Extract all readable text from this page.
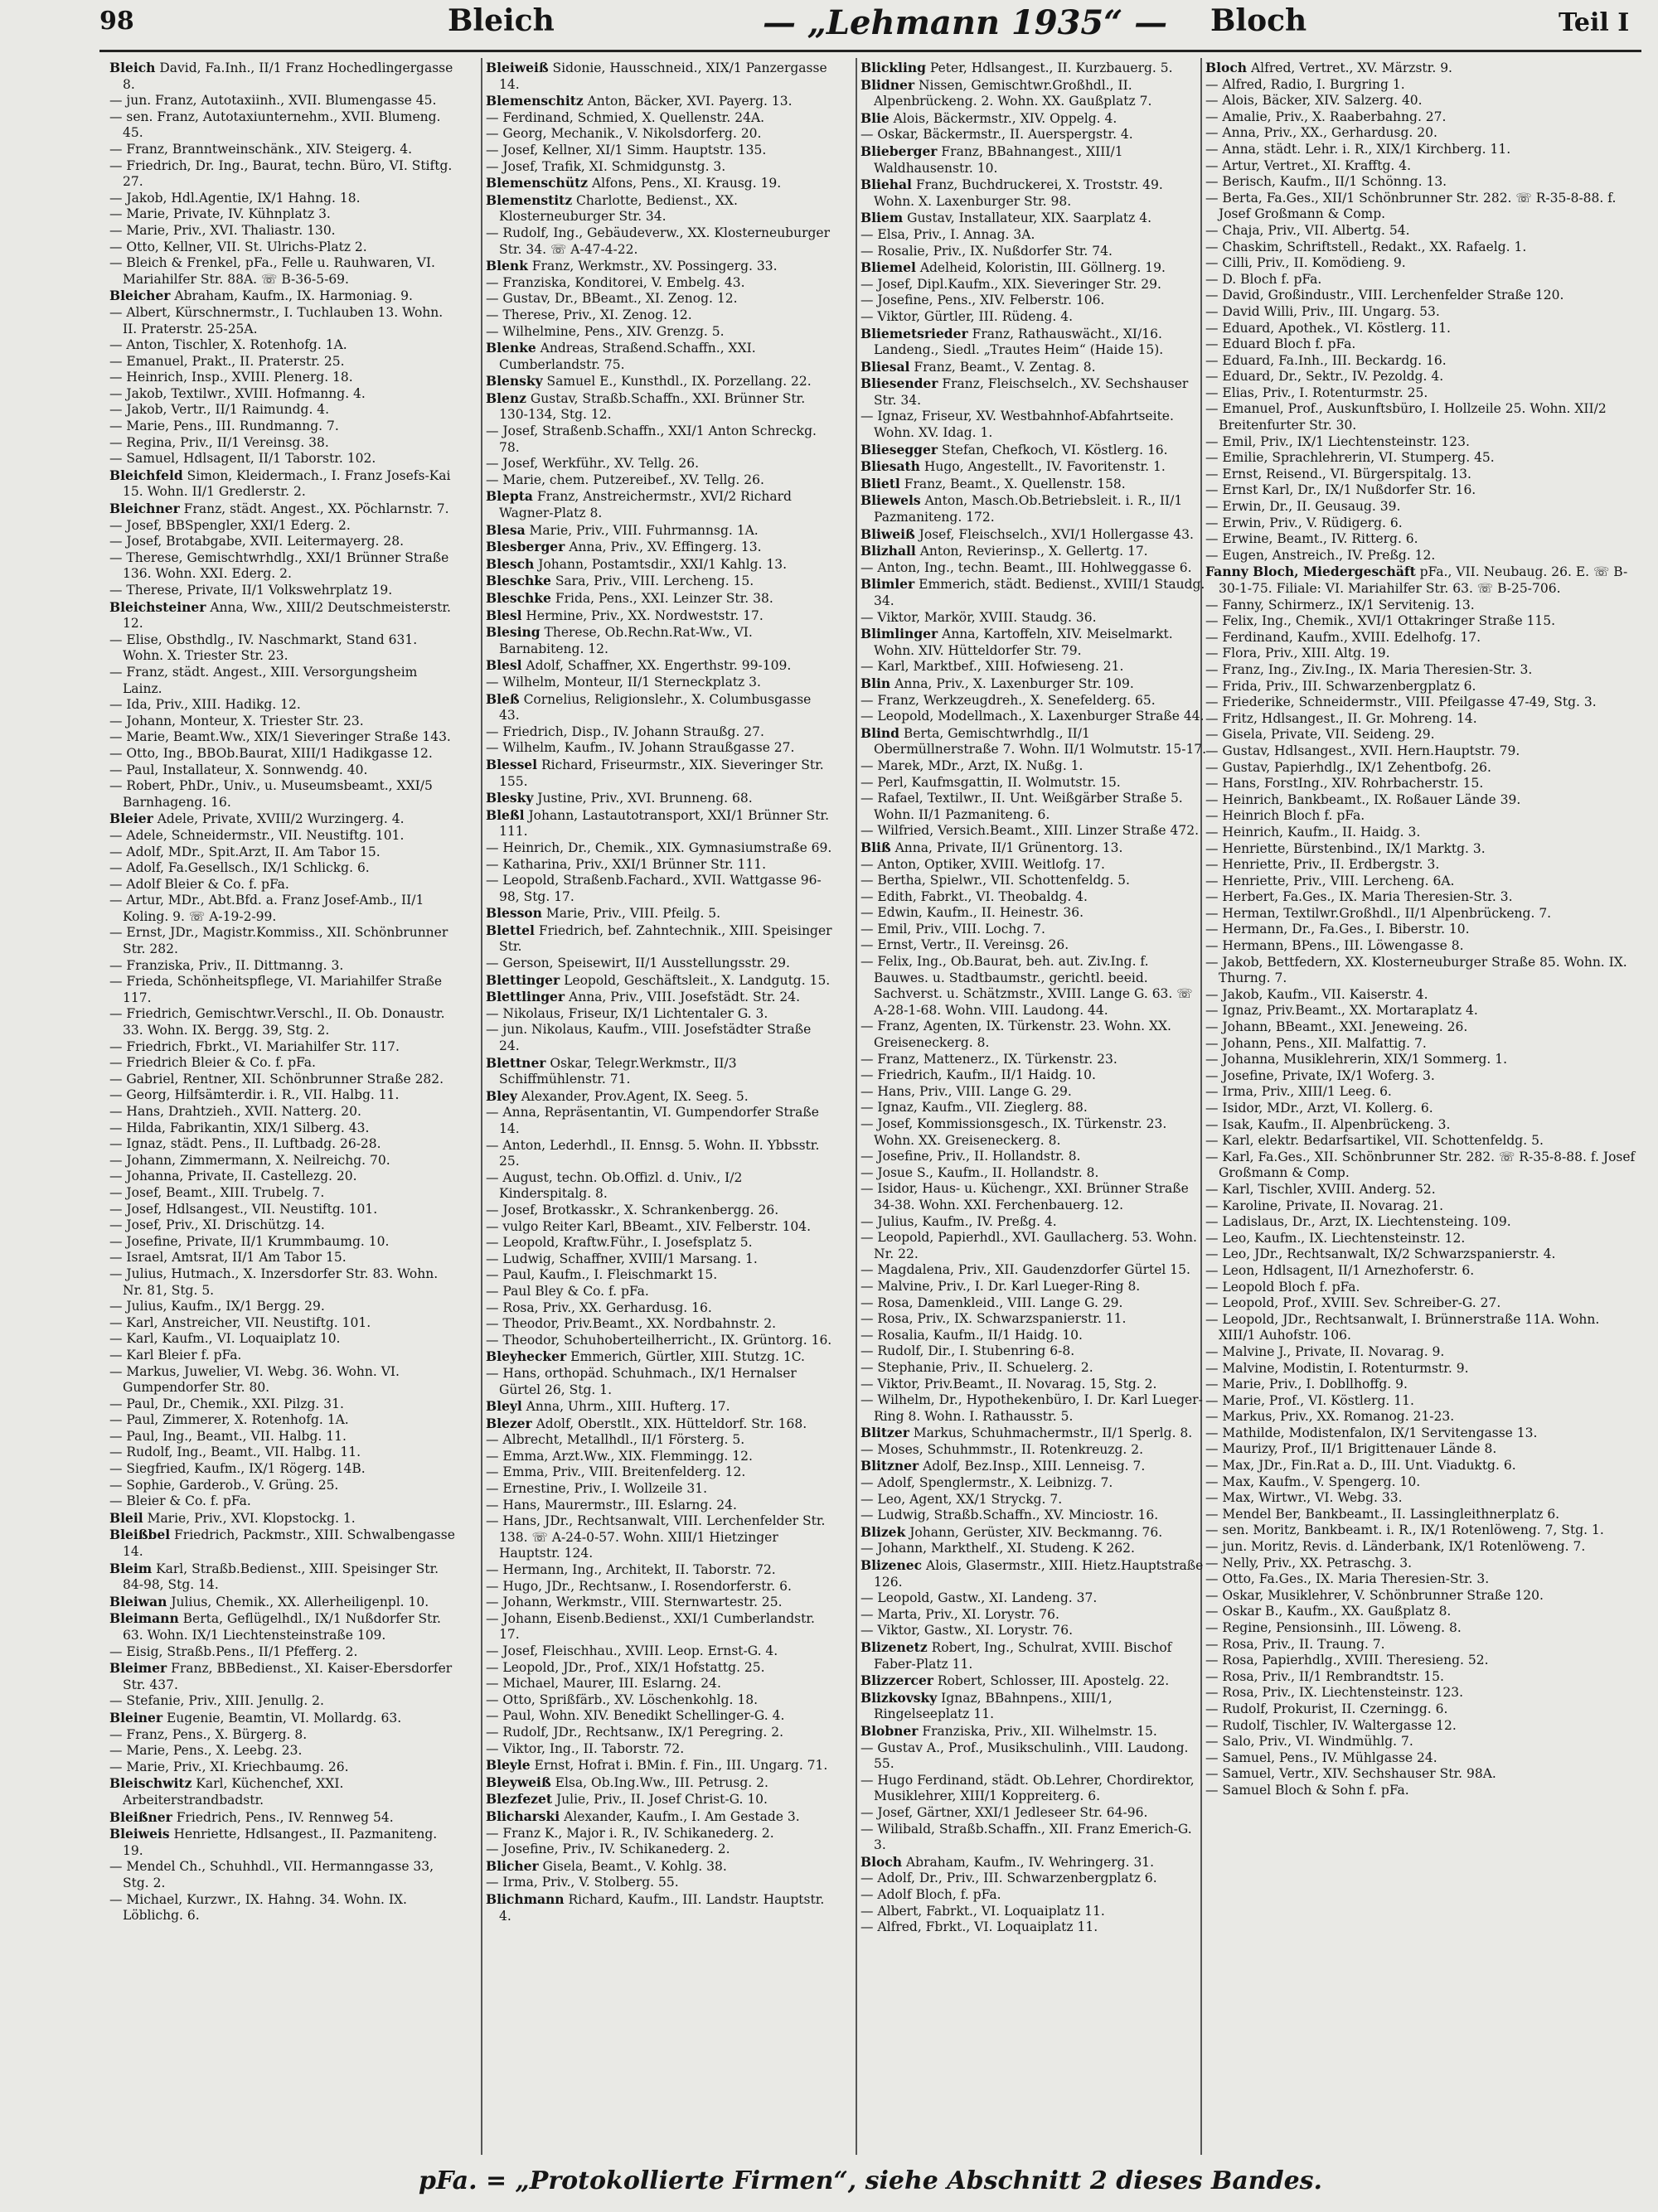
98	Bleich	— „Lehmann 1935“ — Bloch	Teil I

Bleich David, Fa.Inh., II/1 Franz Hochedlingergasse 8.

— jun. Franz, Autotaxiinh., XVII. Blumengasse 45.

— sen. Franz, Autotaxiunternehm., XVII. Blumeng. 45.

— Franz, Branntweinschänk., XIV. Steigerg. 4.

— Friedrich, Dr. Ing., Baurat, techn. Büro, VI. Stiftg. 27.

— Jakob, Hdl.Agentie, IX/1 Hahng. 18.

— Marie, Private, IV. Kühnplatz 3.

— Marie, Priv., XVI. Thaliastr. 130.

— Otto, Kellner, VII. St. Ulrichs-Platz 2.

— Bleich & Frenkel, pFa., Felle u. Rauhwaren, VI. Mariahilfer Str. 88A. ☏ B-36-5-69.

Bleicher Abraham, Kaufm., IX. Harmoniag. 9.

— Albert, Kürschnermstr., I. Tuchlauben 13. Wohn. II. Praterstr. 25-25A.

— Anton, Tischler, X. Rotenhofg. 1A.

— Emanuel, Prakt., II. Praterstr. 25.

— Heinrich, Insp., XVIII. Plenerg. 18.

— Jakob, Textilwr., XVIII. Hofmanng. 4.

— Jakob, Vertr., II/1 Raimundg. 4.

— Marie, Pens., III. Rundmanng. 7.

— Regina, Priv., II/1 Vereinsg. 38.

— Samuel, Hdlsagent, II/1 Taborstr. 102.

Bleichfeld Simon, Kleidermach., I. Franz Josefs-Kai 15. Wohn. II/1 Gredlerstr. 2.

Bleichner Franz, städt. Angest., XX. Pöchlarnstr. 7.

— Josef, BBSpengler, XXI/1 Ederg. 2.

— Josef, Brotabgabe, XVII. Leitermayerg. 28.

— Therese, Gemischtwrhdlg., XXI/1 Brünner Straße 136. Wohn. XXI. Ederg. 2.

— Therese, Private, II/1 Volkswehrplatz 19.

Bleichsteiner Anna, Ww., XIII/2 Deutschmeisterstr. 12.

— Elise, Obsthdlg., IV. Naschmarkt, Stand 631. Wohn. X. Triester Str. 23.

— Franz, städt. Angest., XIII. Versorgungsheim Lainz.

— Ida, Priv., XIII. Hadikg. 12.

— Johann, Monteur, X. Triester Str. 23.

— Marie, Beamt.Ww., XIX/1 Sieveringer Straße 143.

— Otto, Ing., BBOb.Baurat, XIII/1 Hadikgasse 12.

— Paul, Installateur, X. Sonnwendg. 40.

— Robert, PhDr., Univ., u. Museumsbeamt., XXI/5 Barnhageng. 16.

Bleier Adele, Private, XVIII/2 Wurzingerg. 4.

— Adele, Schneidermstr., VII. Neustiftg. 101.

— Adolf, MDr., Spit.Arzt, II. Am Tabor 15.

— Adolf, Fa.Gesellsch., IX/1 Schlickg. 6.

— Adolf Bleier & Co. f. pFa.

— Artur, MDr., Abt.Bfd. a. Franz Josef-Amb., II/1 Koling. 9. ☏ A-19-2-99.

— Ernst, JDr., Magistr.Kommiss., XII. Schönbrunner Str. 282.

— Franziska, Priv., II. Dittmanng. 3.

— Frieda, Schönheitspflege, VI. Mariahilfer Straße 117.

— Friedrich, Gemischtwr.Verschl., II. Ob. Donaustr. 33. Wohn. IX. Bergg. 39, Stg. 2.

— Friedrich, Fbrkt., VI. Mariahilfer Str. 117.

— Friedrich Bleier & Co. f. pFa.

— Gabriel, Rentner, XII. Schönbrunner Straße 282.

— Georg, Hilfsämterdir. i. R., VII. Halbg. 11.

— Hans, Drahtzieh., XVII. Natterg. 20.

— Hilda, Fabrikantin, XIX/1 Silberg. 43.

— Ignaz, städt. Pens., II. Luftbadg. 26-28.

— Johann, Zimmermann, X. Neilreichg. 70.

— Johanna, Private, II. Castellezg. 20.

— Josef, Beamt., XIII. Trubelg. 7.

— Josef, Hdlsangest., VII. Neustiftg. 101.

— Josef, Priv., XI. Drischützg. 14.

— Josefine, Private, II/1 Krummbaumg. 10.

— Israel, Amtsrat, II/1 Am Tabor 15.

— Julius, Hutmach., X. Inzersdorfer Str. 83. Wohn. Nr. 81, Stg. 5.

— Julius, Kaufm., IX/1 Bergg. 29.

— Karl, Anstreicher, VII. Neustiftg. 101.

— Karl, Kaufm., VI. Loquaiplatz 10.

— Karl Bleier f. pFa.

— Markus, Juwelier, VI. Webg. 36. Wohn. VI. Gumpendorfer Str. 80.

— Paul, Dr., Chemik., XXI. Pilzg. 31.

— Paul, Zimmerer, X. Rotenhofg. 1A.

— Paul, Ing., Beamt., VII. Halbg. 11.

— Rudolf, Ing., Beamt., VII. Halbg. 11.

— Siegfried, Kaufm., IX/1 Rögerg. 14B.

— Sophie, Garderob., V. Grüng. 25.

— Bleier & Co. f. pFa.

Bleil Marie, Priv., XVI. Klopstockg. 1.

Bleißbel Friedrich, Packmstr., XIII. Schwalbengasse 14.

Bleim Karl, Straßb.Bedienst., XIII. Speisinger Str. 84-98, Stg. 14.

Bleiwan Julius, Chemik., XX. Allerheiligenpl. 10.

Bleimann Berta, Geflügelhdl., IX/1 Nußdorfer Str. 63. Wohn. IX/1 Liechtensteinstraße 109.

— Eisig, Straßb.Pens., II/1 Pfefferg. 2.

Bleimer Franz, BBBedienst., XI. Kaiser-Ebersdorfer Str. 437.

— Stefanie, Priv., XIII. Jenullg. 2.

Bleiner Eugenie, Beamtin, VI. Mollardg. 63.

— Franz, Pens., X. Bürgerg. 8.

— Marie, Pens., X. Leebg. 23.

— Marie, Priv., XI. Kriechbaumg. 26.

Bleischwitz Karl, Küchenchef, XXI. Arbeiterstrandbadstr.

Bleißner Friedrich, Pens., IV. Rennweg 54.

Bleiweis Henriette, Hdlsangest., II. Pazmaniteng. 19.

— Mendel Ch., Schuhhdl., VII. Hermanngasse 33, Stg. 2.

— Michael, Kurzwr., IX. Hahng. 34. Wohn. IX. Löblichg. 6.

Bleiweiß Sidonie, Hausschneid., XIX/1 Panzergasse 14.

Blemenschitz Anton, Bäcker, XVI. Payerg. 13.

— Ferdinand, Schmied, X. Quellenstr. 24A.

— Georg, Mechanik., V. Nikolsdorferg. 20.

— Josef, Kellner, XI/1 Simm. Hauptstr. 135.

— Josef, Trafik, XI. Schmidgunstg. 3.

Blemenschütz Alfons, Pens., XI. Krausg. 19.

Blemenstitz Charlotte, Bedienst., XX. Klosterneuburger Str. 34.

— Rudolf, Ing., Gebäudeverw., XX. Klosterneuburger Str. 34. ☏ A-47-4-22.

Blenk Franz, Werkmstr., XV. Possingerg. 33.

— Franziska, Konditorei, V. Embelg. 43.

— Gustav, Dr., BBeamt., XI. Zenog. 12.

— Therese, Priv., XI. Zenog. 12.

— Wilhelmine, Pens., XIV. Grenzg. 5.

Blenke Andreas, Straßend.Schaffn., XXI. Cumberlandstr. 75.

Blensky Samuel E., Kunsthdl., IX. Porzellang. 22.

Blenz Gustav, Straßb.Schaffn., XXI. Brünner Str. 130-134, Stg. 12.

— Josef, Straßenb.Schaffn., XXI/1 Anton Schreckg. 78.

— Josef, Werkführ., XV. Tellg. 26.

— Marie, chem. Putzereibef., XV. Tellg. 26.

Blepta Franz, Anstreichermstr., XVI/2 Richard Wagner-Platz 8.

Blesa Marie, Priv., VIII. Fuhrmannsg. 1A.

Blesberger Anna, Priv., XV. Effingerg. 13.

Blesch Johann, Postamtsdir., XXI/1 Kahlg. 13.

Bleschke Sara, Priv., VIII. Lercheng. 15.

Bleschke Frida, Pens., XXI. Leinzer Str. 38.

Blesl Hermine, Priv., XX. Nordweststr. 17.

Blesing Therese, Ob.Rechn.Rat-Ww., VI. Barnabiteng. 12.

Blesl Adolf, Schaffner, XX. Engerthstr. 99-109.

— Wilhelm, Monteur, II/1 Sterneckplatz 3.

Bleß Cornelius, Religionslehr., X. Columbusgasse 43.

— Friedrich, Disp., IV. Johann Straußg. 27.

— Wilhelm, Kaufm., IV. Johann Straußgasse 27.

Blessel Richard, Friseurmstr., XIX. Sieveringer Str. 155.

Blesky Justine, Priv., XVI. Brunneng. 68.

Bleßl Johann, Lastautotransport, XXI/1 Brünner Str. 111.

— Heinrich, Dr., Chemik., XIX. Gymnasiumstraße 69.

— Katharina, Priv., XXI/1 Brünner Str. 111.

— Leopold, Straßenb.Fachard., XVII. Wattgasse 96-98, Stg. 17.

Blesson Marie, Priv., VIII. Pfeilg. 5.

Blettel Friedrich, bef. Zahntechnik., XIII. Speisinger Str.

— Gerson, Speisewirt, II/1 Ausstellungsstr. 29.

Blettinger Leopold, Geschäftsleit., X. Landgutg. 15.

Blettlinger Anna, Priv., VIII. Josefstädt. Str. 24.

— Nikolaus, Friseur, IX/1 Lichtentaler G. 3.

— jun. Nikolaus, Kaufm., VIII. Josefstädter Straße 24.

Blettner Oskar, Telegr.Werkmstr., II/3 Schiffmühlenstr. 71.

Bley Alexander, Prov.Agent, IX. Seeg. 5.

— Anna, Repräsentantin, VI. Gumpendorfer Straße 14.

— Anton, Lederhdl., II. Ennsg. 5. Wohn. II. Ybbsstr. 25.

— August, techn. Ob.Offizl. d. Univ., I/2 Kinderspitalg. 8.

— Josef, Brotkasskr., X. Schrankenbergg. 26.

— vulgo Reiter Karl, BBeamt., XIV. Felberstr. 104.

— Leopold, Kraftw.Führ., I. Josefsplatz 5.

— Ludwig, Schaffner, XVIII/1 Marsang. 1.

— Paul, Kaufm., I. Fleischmarkt 15.

— Paul Bley & Co. f. pFa.

— Rosa, Priv., XX. Gerhardusg. 16.

— Theodor, Priv.Beamt., XX. Nordbahnstr. 2.

— Theodor, Schuhoberteilherricht., IX. Grüntorg. 16.

Bleyhecker Emmerich, Gürtler, XIII. Stutzg. 1C.

— Hans, orthopäd. Schuhmach., IX/1 Hernalser Gürtel 26, Stg. 1.

Bleyl Anna, Uhrm., XIII. Hufterg. 17.

Blezer Adolf, Oberstlt., XIX. Hütteldorf. Str. 168.

— Albrecht, Metallhdl., II/1 Försterg. 5.

— Emma, Arzt.Ww., XIX. Flemmingg. 12.

— Emma, Priv., VIII. Breitenfelderg. 12.

— Ernestine, Priv., I. Wollzeile 31.

— Hans, Maurermstr., III. Eslarng. 24.

— Hans, JDr., Rechtsanwalt, VIII. Lerchenfelder Str. 138. ☏ A-24-0-57. Wohn. XIII/1 Hietzinger Hauptstr. 124.

— Hermann, Ing., Architekt, II. Taborstr. 72.

— Hugo, JDr., Rechtsanw., I. Rosendorferstr. 6.

— Johann, Werkmstr., VIII. Sternwartestr. 25.

— Johann, Eisenb.Bedienst., XXI/1 Cumberlandstr. 17.

— Josef, Fleischhau., XVIII. Leop. Ernst-G. 4.

— Leopold, JDr., Prof., XIX/1 Hofstattg. 25.

— Michael, Maurer, III. Eslarng. 24.

— Otto, Sprißfärb., XV. Löschenkohlg. 18.

— Paul, Wohn. XIV. Benedikt Schellinger-G. 4.

— Rudolf, JDr., Rechtsanw., IX/1 Peregring. 2.

— Viktor, Ing., II. Taborstr. 72.

Bleyle Ernst, Hofrat i. BMin. f. Fin., III. Ungarg. 71.

Bleyweiß Elsa, Ob.Ing.Ww., III. Petrusg. 2.

Blezfezet Julie, Priv., II. Josef Christ-G. 10.

Blicharski Alexander, Kaufm., I. Am Gestade 3.

— Franz K., Major i. R., IV. Schikanederg. 2.

— Josefine, Priv., IV. Schikanederg. 2.

Blicher Gisela, Beamt., V. Kohlg. 38.

— Irma, Priv., V. Stolberg. 55.

Blichmann Richard, Kaufm., III. Landstr. Hauptstr. 4.

Blickling Peter, Hdlsangest., II. Kurzbauerg. 5.

Blidner Nissen, Gemischtwr.Großhdl., II. Alpenbrückeng. 2. Wohn. XX. Gaußplatz 7.

Blie Alois, Bäckermstr., XIV. Oppelg. 4.

— Oskar, Bäckermstr., II. Auerspergstr. 4.

Blieberger Franz, BBahnangest., XIII/1 Waldhausenstr. 10.

Bliehal Franz, Buchdruckerei, X. Troststr. 49. Wohn. X. Laxenburger Str. 98.

Bliem Gustav, Installateur, XIX. Saarplatz 4.

— Elsa, Priv., I. Annag. 3A.

— Rosalie, Priv., IX. Nußdorfer Str. 74.

Bliemel Adelheid, Koloristin, III. Göllnerg. 19.

— Josef, Dipl.Kaufm., XIX. Sieveringer Str. 29.

— Josefine, Pens., XIV. Felberstr. 106.

— Viktor, Gürtler, III. Rüdeng. 4.

Bliemetsrieder Franz, Rathauswächt., XI/16. Landeng., Siedl. „Trautes Heim“ (Haide 15).

Bliesal Franz, Beamt., V. Zentag. 8.

Bliesender Franz, Fleischselch., XV. Sechshauser Str. 34.

— Ignaz, Friseur, XV. Westbahnhof-Abfahrtseite. Wohn. XV. Idag. 1.

Bliesegger Stefan, Chefkoch, VI. Köstlerg. 16.

Bliesath Hugo, Angestellt., IV. Favoritenstr. 1.

Blietl Franz, Beamt., X. Quellenstr. 158.

Bliewels Anton, Masch.Ob.Betriebsleit. i. R., II/1 Pazmaniteng. 172.

Bliweiß Josef, Fleischselch., XVI/1 Hollergasse 43.

Blizhall Anton, Revierinsp., X. Gellertg. 17.

— Anton, Ing., techn. Beamt., III. Hohlweggasse 6.

Blimler Emmerich, städt. Bedienst., XVIII/1 Staudg. 34.

— Viktor, Markör, XVIII. Staudg. 36.

Blimlinger Anna, Kartoffeln, XIV. Meiselmarkt. Wohn. XIV. Hütteldorfer Str. 79.

— Karl, Marktbef., XIII. Hofwieseng. 21.

Blin Anna, Priv., X. Laxenburger Str. 109.

— Franz, Werkzeugdreh., X. Senefelderg. 65.

— Leopold, Modellmach., X. Laxenburger Straße 44.

Blind Berta, Gemischtwrhdlg., II/1 Obermüllnerstraße 7. Wohn. II/1 Wolmutstr. 15-17.

— Marek, MDr., Arzt, IX. Nußg. 1.

— Perl, Kaufmsgattin, II. Wolmutstr. 15.

— Rafael, Textilwr., II. Unt. Weißgärber Straße 5. Wohn. II/1 Pazmaniteng. 6.

— Wilfried, Versich.Beamt., XIII. Linzer Straße 472.

Bliß Anna, Private, II/1 Grünentorg. 13.

— Anton, Optiker, XVIII. Weitlofg. 17.

— Bertha, Spielwr., VII. Schottenfeldg. 5.

— Edith, Fabrkt., VI. Theobaldg. 4.

— Edwin, Kaufm., II. Heinestr. 36.

— Emil, Priv., VIII. Lochg. 7.

— Ernst, Vertr., II. Vereinsg. 26.

— Felix, Ing., Ob.Baurat, beh. aut. Ziv.Ing. f. Bauwes. u. Stadtbaumstr., gerichtl. beeid. Sachverst. u. Schätzmstr., XVIII. Lange G. 63. ☏ A-28-1-68. Wohn. VIII. Laudong. 44.

— Franz, Agenten, IX. Türkenstr. 23. Wohn. XX. Greiseneckerg. 8.

— Franz, Mattenerz., IX. Türkenstr. 23.

— Friedrich, Kaufm., II/1 Haidg. 10.

— Hans, Priv., VIII. Lange G. 29.

— Ignaz, Kaufm., VII. Zieglerg. 88.

— Josef, Kommissionsgesch., IX. Türkenstr. 23. Wohn. XX. Greiseneckerg. 8.

— Josefine, Priv., II. Hollandstr. 8.

— Josue S., Kaufm., II. Hollandstr. 8.

— Isidor, Haus- u. Küchengr., XXI. Brünner Straße 34-38. Wohn. XXI. Ferchenbauerg. 12.

— Julius, Kaufm., IV. Preßg. 4.

— Leopold, Papierhdl., XVI. Gaullacherg. 53. Wohn. Nr. 22.

— Magdalena, Priv., XII. Gaudenzdorfer Gürtel 15.

— Malvine, Priv., I. Dr. Karl Lueger-Ring 8.

— Rosa, Damenkleid., VIII. Lange G. 29.

— Rosa, Priv., IX. Schwarzspanierstr. 11.

— Rosalia, Kaufm., II/1 Haidg. 10.

— Rudolf, Dir., I. Stubenring 6-8.

— Stephanie, Priv., II. Schuelerg. 2.

— Viktor, Priv.Beamt., II. Novarag. 15, Stg. 2.

— Wilhelm, Dr., Hypothekenbüro, I. Dr. Karl Lueger-Ring 8. Wohn. I. Rathausstr. 5.

Blitzer Markus, Schuhmachermstr., II/1 Sperlg. 8.

— Moses, Schuhmmstr., II. Rotenkreuzg. 2.

Blitzner Adolf, Bez.Insp., XIII. Lenneisg. 7.

— Adolf, Spenglermstr., X. Leibnizg. 7.

— Leo, Agent, XX/1 Stryckg. 7.

— Ludwig, Straßb.Schaffn., XV. Minciostr. 16.

Blizek Johann, Gerüster, XIV. Beckmanng. 76.

— Johann, Markthelf., XI. Studeng. K 262.

Blizenec Alois, Glasermstr., XIII. Hietz.Hauptstraße 126.

— Leopold, Gastw., XI. Landeng. 37.

— Marta, Priv., XI. Lorystr. 76.

— Viktor, Gastw., XI. Lorystr. 76.

Blizenetz Robert, Ing., Schulrat, XVIII. Bischof Faber-Platz 11.

Blizzercer Robert, Schlosser, III. Apostelg. 22.

Blizkovsky Ignaz, BBahnpens., XIII/1, Ringelseeplatz 11.

Blobner Franziska, Priv., XII. Wilhelmstr. 15.

— Gustav A., Prof., Musikschulinh., VIII. Laudong. 55.

— Hugo Ferdinand, städt. Ob.Lehrer, Chordirektor, Musiklehrer, XIII/1 Koppreiterg. 6.

— Josef, Gärtner, XXI/1 Jedleseer Str. 64-96.

— Wilibald, Straßb.Schaffn., XII. Franz Emerich-G. 3.

Bloch Abraham, Kaufm., IV. Wehringerg. 31.

— Adolf, Dr., Priv., III. Schwarzenbergplatz 6.

— Adolf Bloch, f. pFa.

— Albert, Fabrkt., VI. Loquaiplatz 11.

— Alfred, Fbrkt., VI. Loquaiplatz 11.

Bloch Alfred, Vertret., XV. Märzstr. 9.

— Alfred, Radio, I. Burgring 1.

— Alois, Bäcker, XIV. Salzerg. 40.

— Amalie, Priv., X. Raaberbahng. 27.

— Anna, Priv., XX., Gerhardusg. 20.

— Anna, städt. Lehr. i. R., XIX/1 Kirchberg. 11.

— Artur, Vertret., XI. Krafftg. 4.

— Berisch, Kaufm., II/1 Schönng. 13.

— Berta, Fa.Ges., XII/1 Schönbrunner Str. 282. ☏ R-35-8-88. f. Josef Großmann & Comp.

— Chaja, Priv., VII. Albertg. 54.

— Chaskim, Schriftstell., Redakt., XX. Rafaelg. 1.

— Cilli, Priv., II. Komödieng. 9.

— D. Bloch f. pFa.

— David, Großindustr., VIII. Lerchenfelder Straße 120.

— David Willi, Priv., III. Ungarg. 53.

— Eduard, Apothek., VI. Köstlerg. 11.

— Eduard Bloch f. pFa.

— Eduard, Fa.Inh., III. Beckardg. 16.

— Eduard, Dr., Sektr., IV. Pezoldg. 4.

— Elias, Priv., I. Rotenturmstr. 25.

— Emanuel, Prof., Auskunftsbüro, I. Hollzeile 25. Wohn. XII/2 Breitenfurter Str. 30.

— Emil, Priv., IX/1 Liechtensteinstr. 123.

— Emilie, Sprachlehrerin, VI. Stumperg. 45.

— Ernst, Reisend., VI. Bürgerspitalg. 13.

— Ernst Karl, Dr., IX/1 Nußdorfer Str. 16.

— Erwin, Dr., II. Geusaug. 39.

— Erwin, Priv., V. Rüdigerg. 6.

— Erwine, Beamt., IV. Ritterg. 6.

— Eugen, Anstreich., IV. Preßg. 12.

Fanny Bloch, Miedergeschäft pFa., VII. Neubaug. 26. E. ☏ B-30-1-75. Filiale: VI. Mariahilfer Str. 63. ☏ B-25-706.

— Fanny, Schirmerz., IX/1 Servitenig. 13.

— Felix, Ing., Chemik., XVI/1 Ottakringer Straße 115.

— Ferdinand, Kaufm., XVIII. Edelhofg. 17.

— Flora, Priv., XIII. Altg. 19.

— Franz, Ing., Ziv.Ing., IX. Maria Theresien-Str. 3.

— Frida, Priv., III. Schwarzenbergplatz 6.

— Friederike, Schneidermstr., VIII. Pfeilgasse 47-49, Stg. 3.

— Fritz, Hdlsangest., II. Gr. Mohreng. 14.

— Gisela, Private, VII. Seideng. 29.

— Gustav, Hdlsangest., XVII. Hern.Hauptstr. 79.

— Gustav, Papierhdlg., IX/1 Zehentbofg. 26.

— Hans, ForstIng., XIV. Rohrbacherstr. 15.

— Heinrich, Bankbeamt., IX. Roßauer Lände 39.

— Heinrich Bloch f. pFa.

— Heinrich, Kaufm., II. Haidg. 3.

— Henriette, Bürstenbind., IX/1 Marktg. 3.

— Henriette, Priv., II. Erdbergstr. 3.

— Henriette, Priv., VIII. Lercheng. 6A.

— Herbert, Fa.Ges., IX. Maria Theresien-Str. 3.

— Herman, Textilwr.Großhdl., II/1 Alpenbrückeng. 7.

— Hermann, Dr., Fa.Ges., I. Biberstr. 10.

— Hermann, BPens., III. Löwengasse 8.

— Jakob, Bettfedern, XX. Klosterneuburger Straße 85. Wohn. IX. Thurng. 7.

— Jakob, Kaufm., VII. Kaiserstr. 4.

— Ignaz, Priv.Beamt., XX. Mortaraplatz 4.

— Johann, BBeamt., XXI. Jeneweing. 26.

— Johann, Pens., XII. Malfattig. 7.

— Johanna, Musiklehrerin, XIX/1 Sommerg. 1.

— Josefine, Private, IX/1 Woferg. 3.

— Irma, Priv., XIII/1 Leeg. 6.

— Isidor, MDr., Arzt, VI. Kollerg. 6.

— Isak, Kaufm., II. Alpenbrückeng. 3.

— Karl, elektr. Bedarfsartikel, VII. Schottenfeldg. 5.

— Karl, Fa.Ges., XII. Schönbrunner Str. 282. ☏ R-35-8-88. f. Josef Großmann & Comp.

— Karl, Tischler, XVIII. Anderg. 52.

— Karoline, Private, II. Novarag. 21.

— Ladislaus, Dr., Arzt, IX. Liechtensteing. 109.

— Leo, Kaufm., IX. Liechtensteinstr. 12.

— Leo, JDr., Rechtsanwalt, IX/2 Schwarzspanierstr. 4.

— Leon, Hdlsagent, II/1 Arnezhoferstr. 6.

— Leopold Bloch f. pFa.

— Leopold, Prof., XVIII. Sev. Schreiber-G. 27.

— Leopold, JDr., Rechtsanwalt, I. Brünnerstraße 11A. Wohn. XIII/1 Auhofstr. 106.

— Malvine J., Private, II. Novarag. 9.

— Malvine, Modistin, I. Rotenturmstr. 9.

— Marie, Priv., I. Dobllhoffg. 9.

— Marie, Prof., VI. Köstlerg. 11.

— Markus, Priv., XX. Romanog. 21-23.

— Mathilde, Modistenfalon, IX/1 Servitengasse 13.

— Maurizy, Prof., II/1 Brigittenauer Lände 8.

— Max, JDr., Fin.Rat a. D., III. Unt. Viaduktg. 6.

— Max, Kaufm., V. Spengerg. 10.

— Max, Wirtwr., VI. Webg. 33.

— Mendel Ber, Bankbeamt., II. Lassingleithnerplatz 6.

— sen. Moritz, Bankbeamt. i. R., IX/1 Rotenlöweng. 7, Stg. 1.

— jun. Moritz, Revis. d. Länderbank, IX/1 Rotenlöweng. 7.

— Nelly, Priv., XX. Petraschg. 3.

— Otto, Fa.Ges., IX. Maria Theresien-Str. 3.

— Oskar, Musiklehrer, V. Schönbrunner Straße 120.

— Oskar B., Kaufm., XX. Gaußplatz 8.

— Regine, Pensionsinh., III. Löweng. 8.

— Rosa, Priv., II. Traung. 7.

— Rosa, Papierhdlg., XVIII. Theresieng. 52.

— Rosa, Priv., II/1 Rembrandtstr. 15.

— Rosa, Priv., IX. Liechtensteinstr. 123.

— Rudolf, Prokurist, II. Czerningg. 6.

— Rudolf, Tischler, IV. Waltergasse 12.

— Salo, Priv., VI. Windmühlg. 7.

— Samuel, Pens., IV. Mühlgasse 24.

— Samuel, Vertr., XIV. Sechshauser Str. 98A.

— Samuel Bloch & Sohn f. pFa.

pFa. = „Protokollierte Firmen“, siehe Abschnitt 2 dieses Bandes.
